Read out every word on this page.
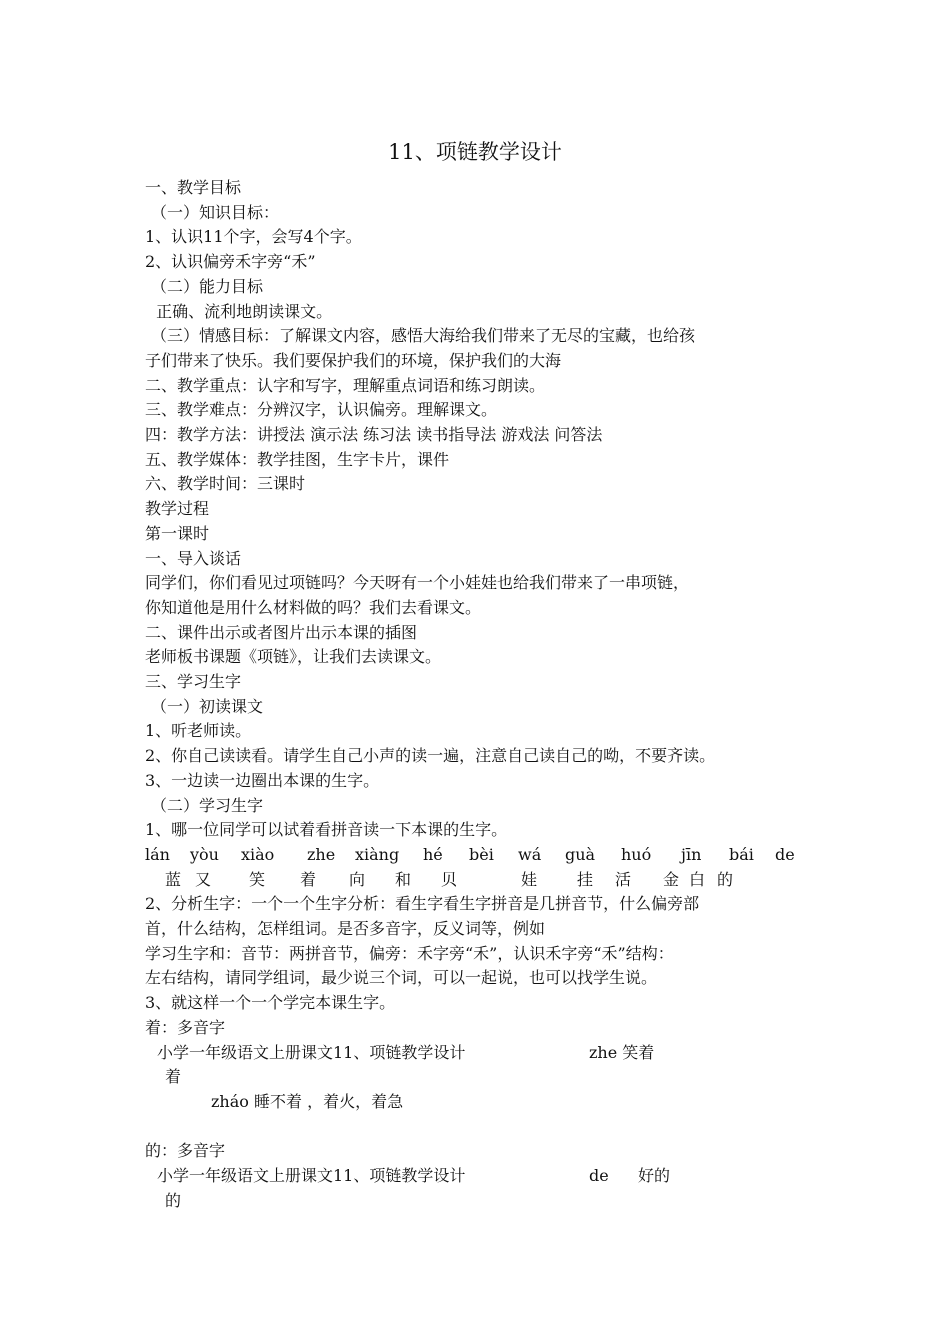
11、项链教学设计
一、教学目标
（一）知识目标：
1、认识11个字，会写4个字。
2、认识偏旁禾字旁“禾”
（二）能力目标
正确、流利地朗读课文。
（三）情感目标：了解课文内容，感悟大海给我们带来了无尽的宝藏，也给孩
子们带来了快乐。我们要保护我们的环境，保护我们的大海
二、教学重点：认字和写字，理解重点词语和练习朗读。
三、教学难点：分辨汉字，认识偏旁。理解课文。
四：教学方法：讲授法 演示法 练习法 读书指导法 游戏法 问答法
五、教学媒体：教学挂图，生字卡片，课件
六、教学时间：三课时
教学过程
第一课时
一、导入谈话
同学们，你们看见过项链吗？今天呀有一个小娃娃也给我们带来了一串项链，
你知道他是用什么材料做的吗？我们去看课文。
二、课件出示或者图片出示本课的插图
老师板书课题《项链》，让我们去读课文。
三、学习生字
（一）初读课文
1、听老师读。
2、你自己读读看。请学生自己小声的读一遍，注意自己读自己的呦，不要齐读。
3、一边读一边圈出本课的生字。
（二）学习生字
1、哪一位同学可以试着看拼音读一下本课的生字。
lán yòu xiào zhe xiàng hé bèi wá guà huó jīn bái de
蓝 又 笑 着 向 和 贝	娃 挂 活 金 白 的
2、分析生字：一个一个生字分析：看生字看生字拼音是几拼音节，什么偏旁部
首，什么结构，怎样组词。是否多音字，反义词等，例如
学习生字和：音节：两拼音节，偏旁：禾字旁“禾”，认识禾字旁“禾”结构：
左右结构，请同学组词，最少说三个词，可以一起说，也可以找学生说。
3、就这样一个一个学完本课生字。
着：多音字
小学一年级语文上册课文11、项链教学设计	zhe 笑着
着
zháo 睡不着 ，着火，着急
的：多音字
小学一年级语文上册课文11、项链教学设计	de 好的
的
